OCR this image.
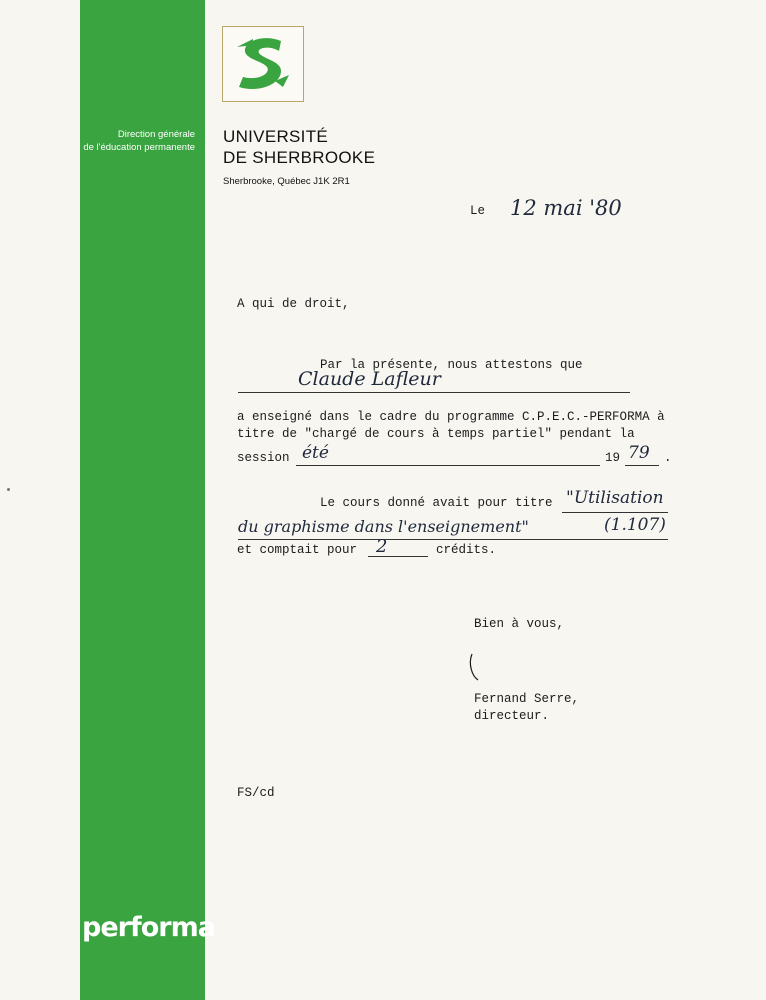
Direction générale
de l'éducation permanente
performa
UNIVERSITÉ
DE SHERBROOKE
Sherbrooke, Québec J1K 2R1
Le 12 mai '80
A qui de droit,
Par la présente, nous attestons que
Claude Lafleur
a enseigné dans le cadre du programme C.P.E.C.-PERFORMA à
titre de "chargé de cours à temps partiel" pendant la
session été	19 79 .
Le cours donné avait pour titre "Utilisation
du graphisme dans l'enseignement"	(1.107)
et comptait pour 2	crédits.
Bien à vous,
Fernand Serre,
directeur.
FS/cd
